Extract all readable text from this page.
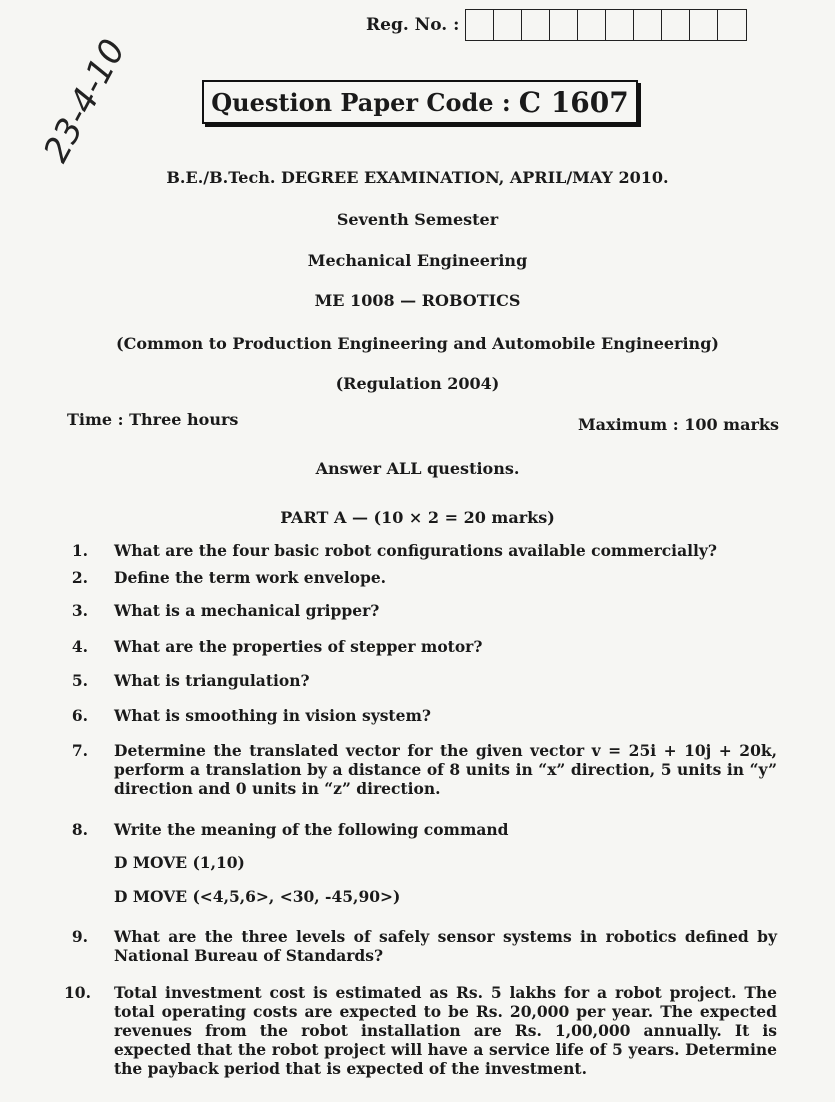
Reg. No. :
23-4-10	Question Paper Code : C 1607
B.E./B.Tech. DEGREE EXAMINATION, APRIL/MAY 2010.
Seventh Semester
Mechanical Engineering
ME 1008 — ROBOTICS
(Common to Production Engineering and Automobile Engineering)
(Regulation 2004)
Time : Three hours	Maximum : 100 marks
Answer ALL questions.
PART A — (10 × 2 = 20 marks)
1. What are the four basic robot configurations available commercially?
2. Define the term work envelope.
3. What is a mechanical gripper?
4. What are the properties of stepper motor?
5. What is triangulation?
6. What is smoothing in vision system?
7. Determine the translated vector for the given vector v = 25i + 10j + 20k, perform a translation by a distance of 8 units in “x” direction, 5 units in “y” direction and 0 units in “z” direction.
8. Write the meaning of the following command
D MOVE (1,10)
D MOVE (<4,5,6>, <30, -45,90>)
9. What are the three levels of safely sensor systems in robotics defined by National Bureau of Standards?
10. Total investment cost is estimated as Rs. 5 lakhs for a robot project. The total operating costs are expected to be Rs. 20,000 per year. The expected revenues from the robot installation are Rs. 1,00,000 annually. It is expected that the robot project will have a service life of 5 years. Determine the payback period that is expected of the investment.
